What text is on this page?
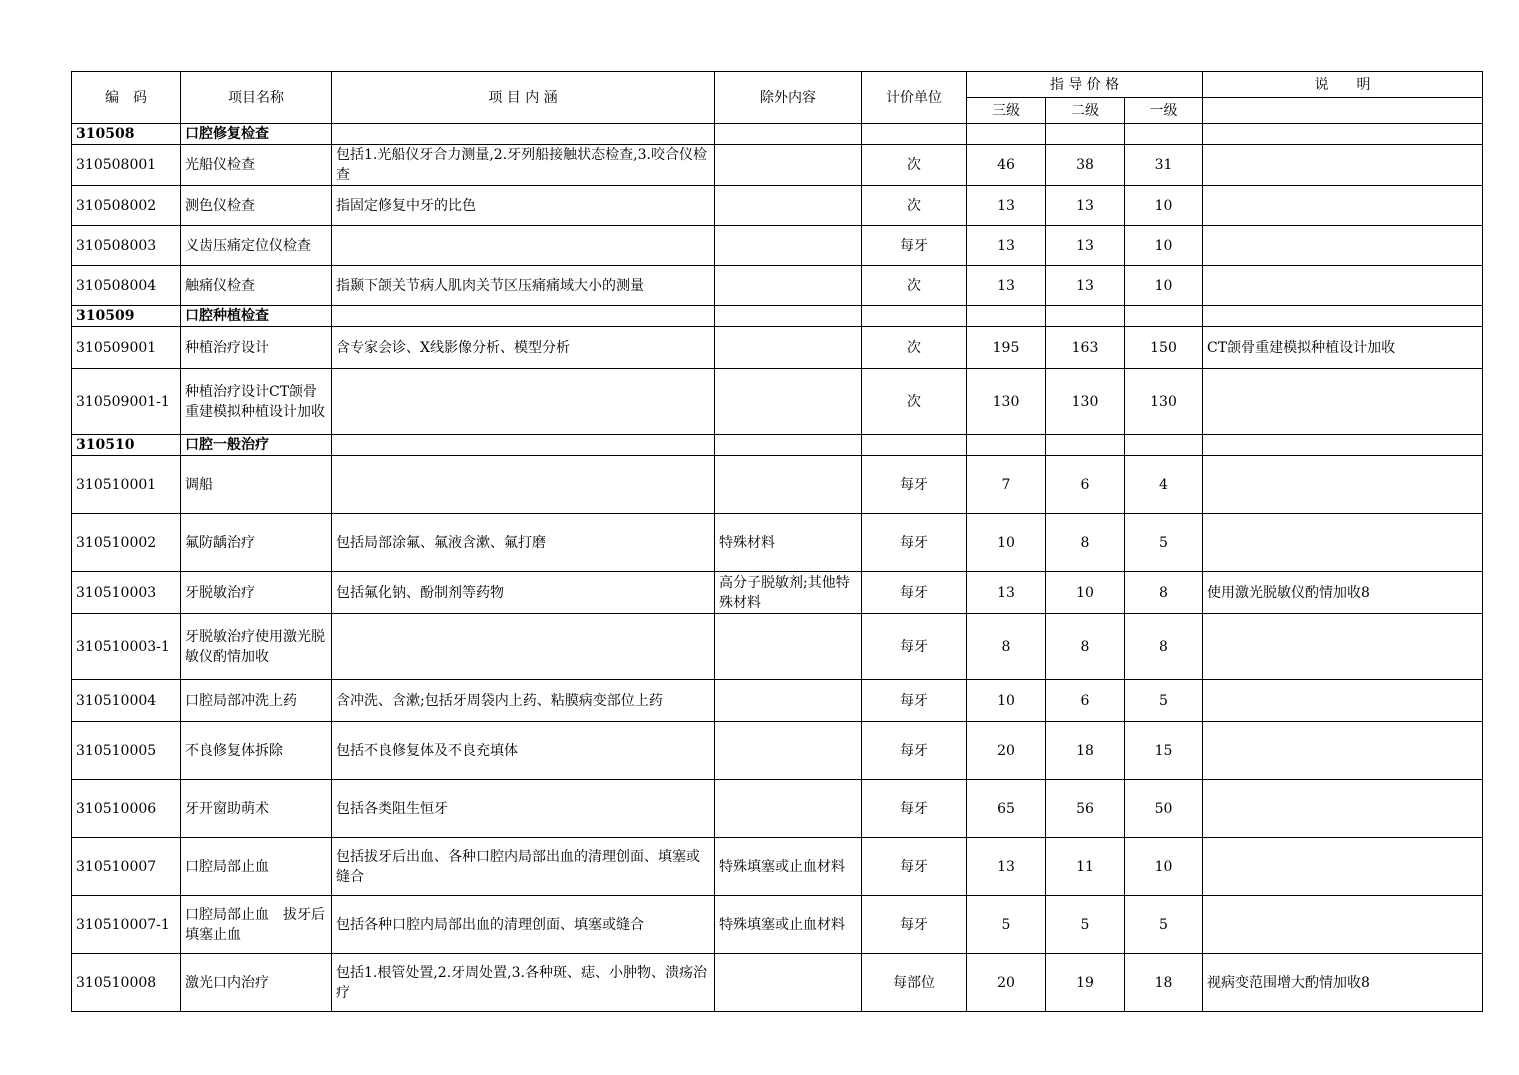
编　码	项目名称	项 目 内 涵	除外内容	计价单位	指 导 价 格			说　　明
					三级	二级	一级	
310508	口腔修复检查							
310508001	光船仪检查	包括1.光船仪牙合力测量,2.牙列船接触状态检查,3.咬合仪检查		次	46	38	31	
310508002	测色仪检查	指固定修复中牙的比色		次	13	13	10	
310508003	义齿压痛定位仪检查			每牙	13	13	10	
310508004	触痛仪检查	指颞下颌关节病人肌肉关节区压痛痛域大小的测量		次	13	13	10	
310509	口腔种植检查							
310509001	种植治疗设计	含专家会诊、X线影像分析、模型分析		次	195	163	150	CT颌骨重建模拟种植设计加收
310509001-1	种植治疗设计CT颌骨重建模拟种植设计加收			次	130	130	130	
310510	口腔一般治疗							
310510001	调船			每牙	7	6	4	
310510002	氟防龋治疗	包括局部涂氟、氟液含漱、氟打磨	特殊材料	每牙	10	8	5	
310510003	牙脱敏治疗	包括氟化钠、酚制剂等药物	高分子脱敏剂;其他特殊材料	每牙	13	10	8	使用激光脱敏仪酌情加收8
310510003-1	牙脱敏治疗使用激光脱敏仪酌情加收			每牙	8	8	8	
310510004	口腔局部冲洗上药	含冲洗、含漱;包括牙周袋内上药、粘膜病变部位上药		每牙	10	6	5	
310510005	不良修复体拆除	包括不良修复体及不良充填体		每牙	20	18	15	
310510006	牙开窗助萌术	包括各类阻生恒牙		每牙	65	56	50	
310510007	口腔局部止血	包括拔牙后出血、各种口腔内局部出血的清理创面、填塞或缝合	特殊填塞或止血材料	每牙	13	11	10	
310510007-1	口腔局部止血　拔牙后填塞止血	包括各种口腔内局部出血的清理创面、填塞或缝合	特殊填塞或止血材料	每牙	5	5	5	
310510008	激光口内治疗	包括1.根管处置,2.牙周处置,3.各种斑、痣、小肿物、溃疡治疗		每部位	20	19	18	视病变范围增大酌情加收8
